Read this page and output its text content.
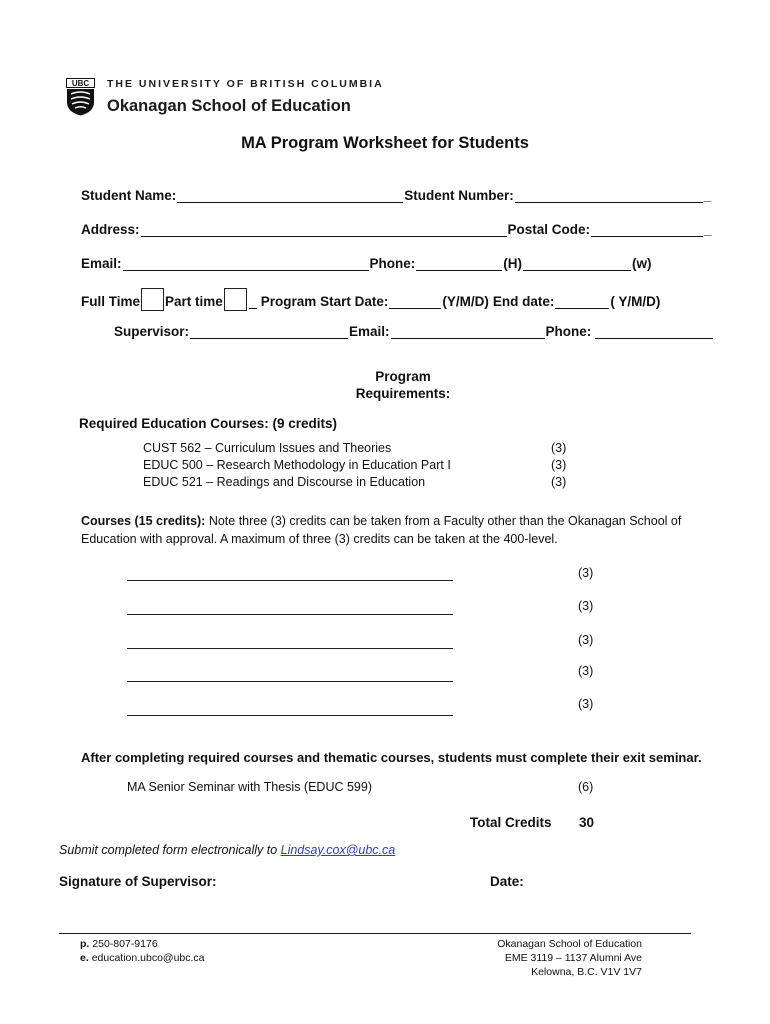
UBC THE UNIVERSITY OF BRITISH COLUMBIA
Okanagan School of Education
MA Program Worksheet for Students
Student Name:	Student Number:	_
Address:	Postal Code:	_
Email:	Phone:	(H)	(w)
Full Time Part time	Program Start Date:	(Y/M/D) End date:	( Y/M/D)
Supervisor:	Email:	Phone:
Program Requirements:
Required Education Courses: (9 credits)
CUST 562 – Curriculum Issues and Theories	(3)
EDUC 500 – Research Methodology in Education Part I	(3)
EDUC 521 – Readings and Discourse in Education	(3)
Courses (15 credits): Note three (3) credits can be taken from a Faculty other than the Okanagan School of Education with approval. A maximum of three (3) credits can be taken at the 400-level.
(3)
(3)
(3)
(3)
(3)
After completing required courses and thematic courses, students must complete their exit seminar.
MA Senior Seminar with Thesis (EDUC 599)	(6)
Total Credits 30
Submit completed form electronically to Lindsay.cox@ubc.ca
Signature of Supervisor:	Date:
p. 250-807-9176
e. education.ubco@ubc.ca
Okanagan School of Education
EME 3119 – 1137 Alumni Ave
Kelowna, B.C. V1V 1V7
